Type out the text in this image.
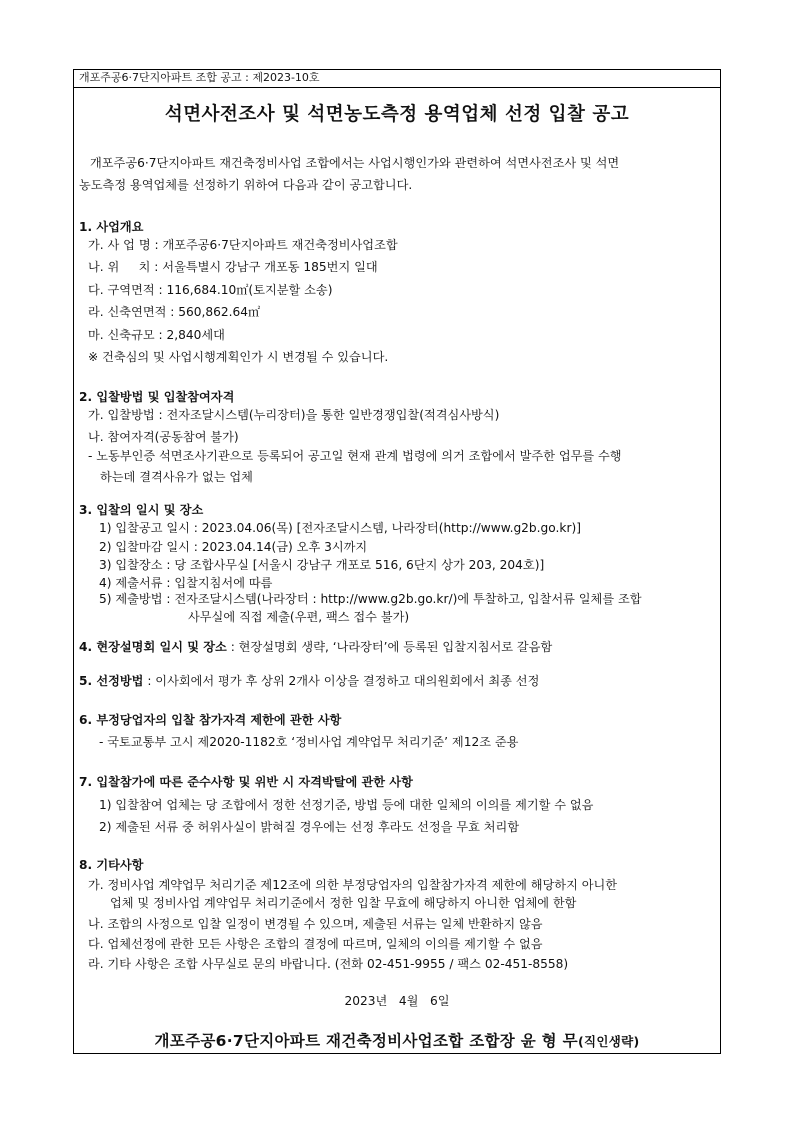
개포주공6·7단지아파트 조합 공고 : 제2023-10호
석면사전조사 및 석면농도측정 용역업체 선정 입찰 공고
개포주공6·7단지아파트 재건축정비사업 조합에서는 사업시행인가와 관련하여 석면사전조사 및 석면
농도측정 용역업체를 선정하기 위하여 다음과 같이 공고합니다.
1. 사업개요
가. 사 업 명 : 개포주공6·7단지아파트 재건축정비사업조합
나. 위     치 : 서울특별시 강남구 개포동 185번지 일대
다. 구역면적 : 116,684.10㎡(토지분할 소송)
라. 신축연면적 : 560,862.64㎡
마. 신축규모 : 2,840세대
※ 건축심의 및 사업시행계획인가 시 변경될 수 있습니다.
2. 입찰방법 및 입찰참여자격
가. 입찰방법 : 전자조달시스템(누리장터)을 통한 일반경쟁입찰(적격심사방식)
나. 참여자격(공동참여 불가)
- 노동부인증 석면조사기관으로 등록되어 공고일 현재 관계 법령에 의거 조합에서 발주한 업무를 수행
하는데 결격사유가 없는 업체
3. 입찰의 일시 및 장소
1) 입찰공고 일시 : 2023.04.06(목) [전자조달시스템, 나라장터(http://www.g2b.go.kr)]
2) 입찰마감 일시 : 2023.04.14(금) 오후 3시까지
3) 입찰장소 : 당 조합사무실 [서울시 강남구 개포로 516, 6단지 상가 203, 204호)]
4) 제출서류 : 입찰지침서에 따름
5) 제출방법 : 전자조달시스템(나라장터 : http://www.g2b.go.kr/)에 투찰하고, 입찰서류 일체를 조합
사무실에 직접 제출(우편, 팩스 접수 불가)
4. 현장설명회 일시 및 장소 : 현장설명회 생략, ‘나라장터’에 등록된 입찰지침서로 갈음함
5. 선정방법 : 이사회에서 평가 후 상위 2개사 이상을 결정하고 대의원회에서 최종 선정
6. 부정당업자의 입찰 참가자격 제한에 관한 사항
- 국토교통부 고시 제2020-1182호 ‘정비사업 계약업무 처리기준’ 제12조 준용
7. 입찰참가에 따른 준수사항 및 위반 시 자격박탈에 관한 사항
1) 입찰참여 업체는 당 조합에서 정한 선정기준, 방법 등에 대한 일체의 이의를 제기할 수 없음
2) 제출된 서류 중 허위사실이 밝혀질 경우에는 선정 후라도 선정을 무효 처리함
8. 기타사항
가. 정비사업 계약업무 처리기준 제12조에 의한 부정당업자의 입찰참가자격 제한에 해당하지 아니한
업체 및 정비사업 계약업무 처리기준에서 정한 입찰 무효에 해당하지 아니한 업체에 한함
나. 조합의 사정으로 입찰 일정이 변경될 수 있으며, 제출된 서류는 일체 반환하지 않음
다. 업체선정에 관한 모든 사항은 조합의 결정에 따르며, 일체의 이의를 제기할 수 없음
라. 기타 사항은 조합 사무실로 문의 바랍니다. (전화 02-451-9955 / 팩스 02-451-8558)
2023년   4월   6일
개포주공6·7단지아파트 재건축정비사업조합 조합장 윤 형 무(직인생략)
